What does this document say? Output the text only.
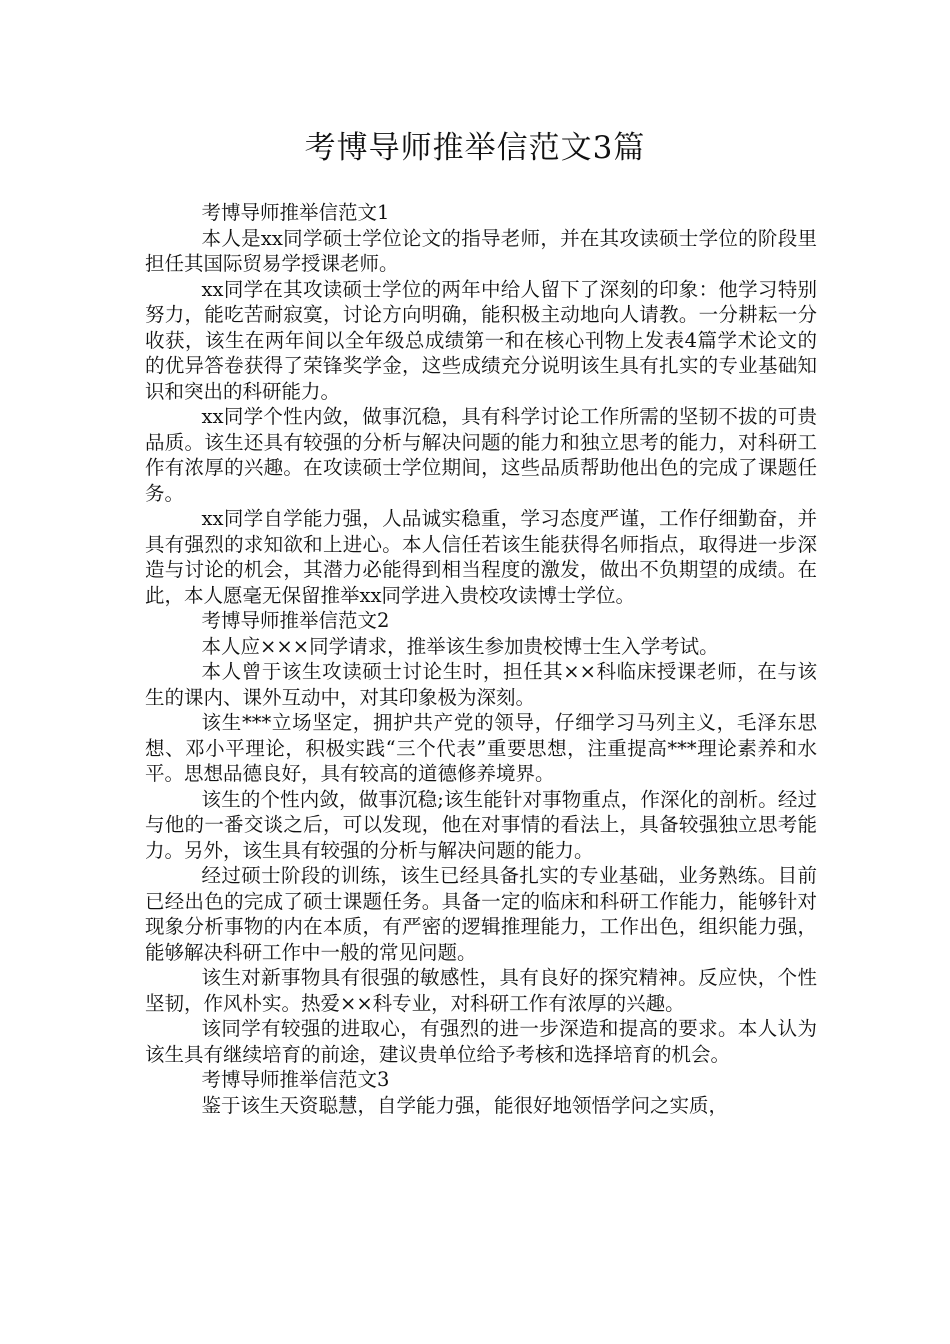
考博导师推举信范文3篇

考博导师推举信范文1

本人是xx同学硕士学位论文的指导老师，并在其攻读硕士学位的阶段里担任其国际贸易学授课老师。

xx同学在其攻读硕士学位的两年中给人留下了深刻的印象：他学习特别努力，能吃苦耐寂寞，讨论方向明确，能积极主动地向人请教。一分耕耘一分收获，该生在两年间以全年级总成绩第一和在核心刊物上发表4篇学术论文的的优异答卷获得了荣锋奖学金，这些成绩充分说明该生具有扎实的专业基础知识和突出的科研能力。

xx同学个性内敛，做事沉稳，具有科学讨论工作所需的坚韧不拔的可贵品质。该生还具有较强的分析与解决问题的能力和独立思考的能力，对科研工作有浓厚的兴趣。在攻读硕士学位期间，这些品质帮助他出色的完成了课题任务。

xx同学自学能力强，人品诚实稳重，学习态度严谨，工作仔细勤奋，并具有强烈的求知欲和上进心。本人信任若该生能获得名师指点，取得进一步深造与讨论的机会，其潜力必能得到相当程度的激发，做出不负期望的成绩。在此，本人愿毫无保留推举xx同学进入贵校攻读博士学位。

考博导师推举信范文2

本人应×××同学请求，推举该生参加贵校博士生入学考试。

本人曾于该生攻读硕士讨论生时，担任其××科临床授课老师，在与该生的课内、课外互动中，对其印象极为深刻。

该生***立场坚定，拥护共产党的领导，仔细学习马列主义，毛泽东思想、邓小平理论，积极实践“三个代表”重要思想，注重提高***理论素养和水平。思想品德良好，具有较高的道德修养境界。

该生的个性内敛，做事沉稳;该生能针对事物重点，作深化的剖析。经过与他的一番交谈之后，可以发现，他在对事情的看法上，具备较强独立思考能力。另外，该生具有较强的分析与解决问题的能力。

经过硕士阶段的训练，该生已经具备扎实的专业基础，业务熟练。目前已经出色的完成了硕士课题任务。具备一定的临床和科研工作能力，能够针对现象分析事物的内在本质，有严密的逻辑推理能力，工作出色，组织能力强，能够解决科研工作中一般的常见问题。

该生对新事物具有很强的敏感性，具有良好的探究精神。反应快，个性坚韧，作风朴实。热爱××科专业，对科研工作有浓厚的兴趣。

该同学有较强的进取心，有强烈的进一步深造和提高的要求。本人认为该生具有继续培育的前途，建议贵单位给予考核和选择培育的机会。

考博导师推举信范文3

鉴于该生天资聪慧，自学能力强，能很好地领悟学问之实质，
